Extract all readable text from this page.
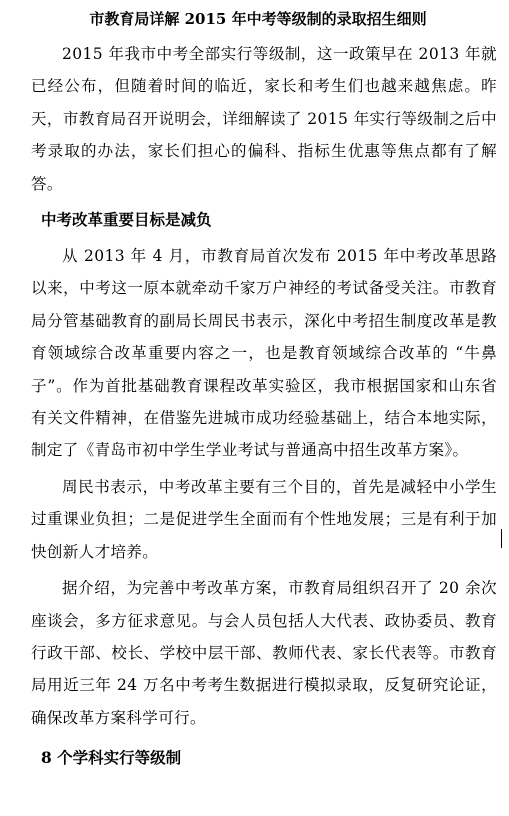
市教育局详解 2015 年中考等级制的录取招生细则

2015 年我市中考全部实行等级制，这一政策早在 2013 年就已经公布，但随着时间的临近，家长和考生们也越来越焦虑。昨天，市教育局召开说明会，详细解读了 2015 年实行等级制之后中考录取的办法，家长们担心的偏科、指标生优惠等焦点都有了解答。

中考改革重要目标是减负

从 2013 年 4 月，市教育局首次发布 2015 年中考改革思路以来，中考这一原本就牵动千家万户神经的考试备受关注。市教育局分管基础教育的副局长周民书表示，深化中考招生制度改革是教育领域综合改革重要内容之一，也是教育领域综合改革的 “牛鼻子”。作为首批基础教育课程改革实验区，我市根据国家和山东省有关文件精神，在借鉴先进城市成功经验基础上，结合本地实际，制定了《青岛市初中学生学业考试与普通高中招生改革方案》。

周民书表示，中考改革主要有三个目的，首先是减轻中小学生过重课业负担；二是促进学生全面而有个性地发展；三是有利于加快创新人才培养。

据介绍，为完善中考改革方案，市教育局组织召开了 20 余次座谈会，多方征求意见。与会人员包括人大代表、政协委员、教育行政干部、校长、学校中层干部、教师代表、家长代表等。市教育局用近三年 24 万名中考考生数据进行模拟录取，反复研究论证，确保改革方案科学可行。

8 个学科实行等级制
